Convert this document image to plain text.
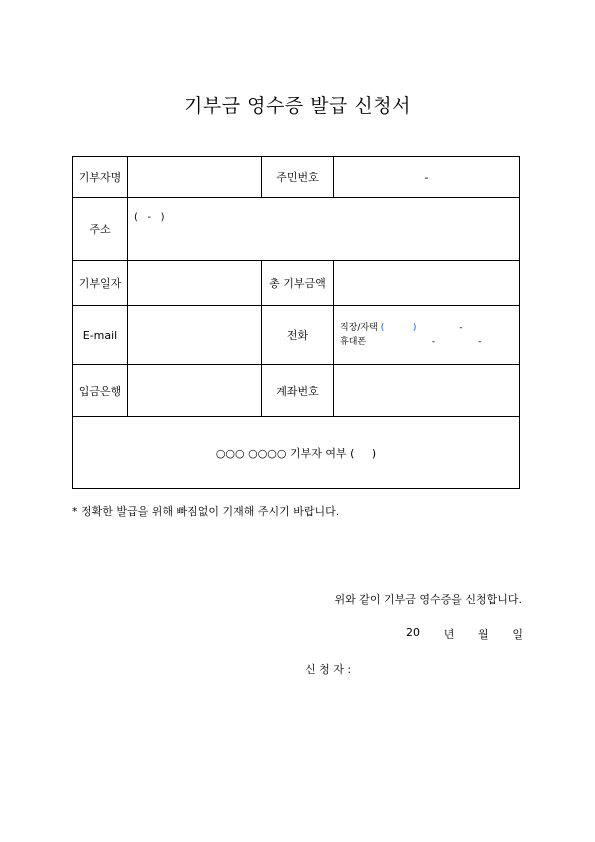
기부금 영수증 발급 신청서
기부자명		주민번호	-
주소	(   -   )		
기부일자		총 기부금액	
E-mail		전화	직장/자택 ( ) -
휴대폰 - -

입금은행		계좌번호	
○○○ ○○○○ 기부자 여부 (     )			
* 정확한 발급을 위해 빠짐없이 기재해 주시기 바랍니다.
위와 같이 기부금 영수증을 신청합니다.
20 년 월 일
신 청 자 :
